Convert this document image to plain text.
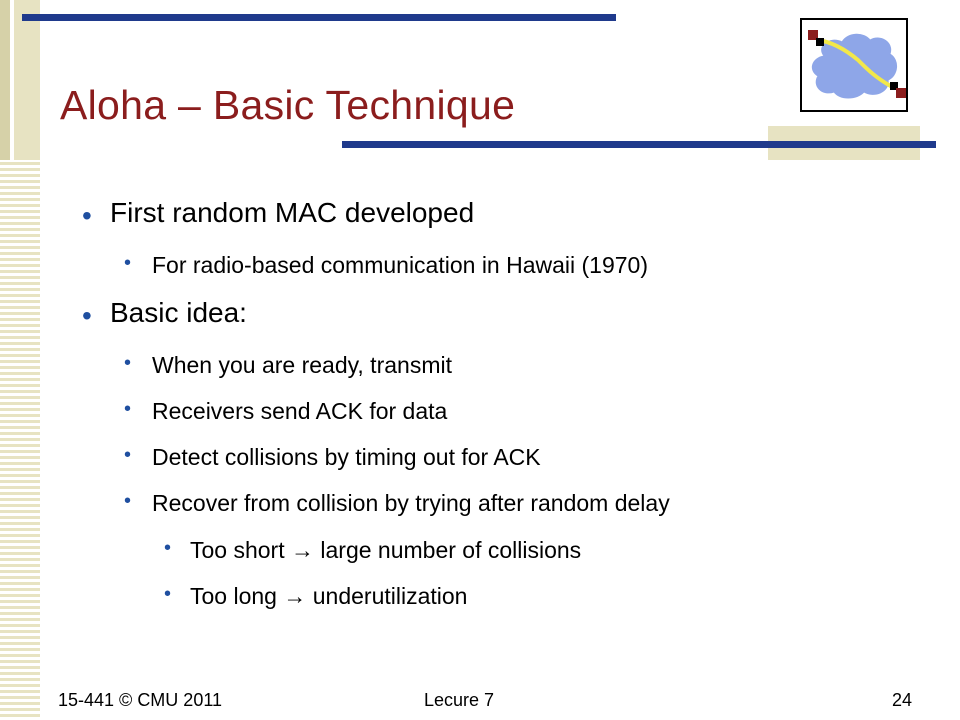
Aloha – Basic Technique
• First random MAC developed
• For radio-based communication in Hawaii (1970)
• Basic idea:
• When you are ready, transmit
• Receivers send ACK for data
• Detect collisions by timing out for ACK
• Recover from collision by trying after random delay
• Too short → large number of collisions
• Too long → underutilization
15-441 © CMU 2011	Lecure 7	24
